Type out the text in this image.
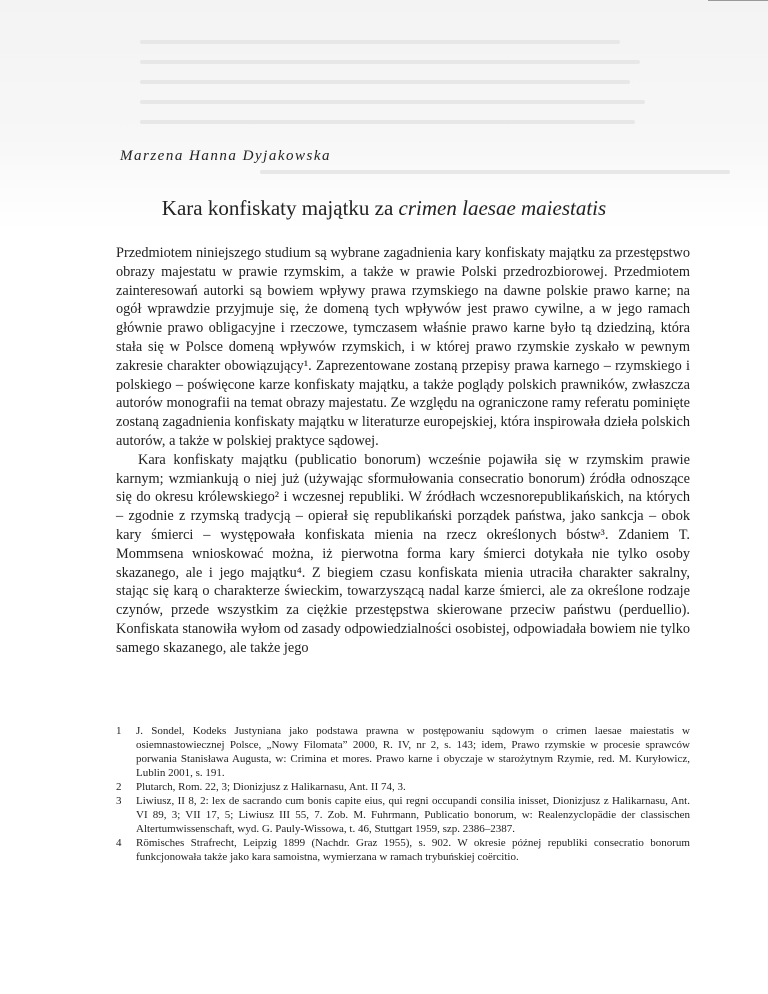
Marzena Hanna Dyjakowska
Kara konfiskaty majątku za crimen laesae maiestatis

Przedmiotem niniejszego studium są wybrane zagadnienia kary konfiskaty majątku za przestępstwo obrazy majestatu w prawie rzymskim, a także w prawie Polski przedrozbiorowej. Przedmiotem zainteresowań autorki są bowiem wpływy prawa rzymskiego na dawne polskie prawo karne; na ogół wprawdzie przyjmuje się, że domeną tych wpływów jest prawo cywilne, a w jego ramach głównie prawo obligacyjne i rzeczowe, tymczasem właśnie prawo karne było tą dziedziną, która stała się w Polsce domeną wpływów rzymskich, i w której prawo rzymskie zyskało w pewnym zakresie charakter obowiązujący¹. Zaprezentowane zostaną przepisy prawa karnego – rzymskiego i polskiego – poświęcone karze konfiskaty majątku, a także poglądy polskich prawników, zwłaszcza autorów monografii na temat obrazy majestatu. Ze względu na ograniczone ramy referatu pominięte zostaną zagadnienia konfiskaty majątku w literaturze europejskiej, która inspirowała dzieła polskich autorów, a także w polskiej praktyce sądowej.

Kara konfiskaty majątku (publicatio bonorum) wcześnie pojawiła się w rzymskim prawie karnym; wzmiankują o niej już (używając sformułowania consecratio bonorum) źródła odnoszące się do okresu królewskiego² i wczesnej republiki. W źródłach wczesnorepublikańskich, na których – zgodnie z rzymską tradycją – opierał się republikański porządek państwa, jako sankcja – obok kary śmierci – występowała konfiskata mienia na rzecz określonych bóstw³. Zdaniem T. Mommsena wnioskować można, iż pierwotna forma kary śmierci dotykała nie tylko osoby skazanego, ale i jego majątku⁴. Z biegiem czasu konfiskata mienia utraciła charakter sakralny, stając się karą o charakterze świeckim, towarzyszącą nadal karze śmierci, ale za określone rodzaje czynów, przede wszystkim za ciężkie przestępstwa skierowane przeciw państwu (perduellio). Konfiskata stanowiła wyłom od zasady odpowiedzialności osobistej, odpowiadała bowiem nie tylko samego skazanego, ale także jego

1	J. Sondel, Kodeks Justyniana jako podstawa prawna w postępowaniu sądowym o crimen laesae maiestatis w osiemnastowiecznej Polsce, „Nowy Filomata” 2000, R. IV, nr 2, s. 143; idem, Prawo rzymskie w procesie sprawców porwania Stanisława Augusta, w: Crimina et mores. Prawo karne i obyczaje w starożytnym Rzymie, red. M. Kuryłowicz, Lublin 2001, s. 191.
2	Plutarch, Rom. 22, 3; Dionizjusz z Halikarnasu, Ant. II 74, 3.
3	Liwiusz, II 8, 2: lex de sacrando cum bonis capite eius, qui regni occupandi consilia inisset, Dionizjusz z Halikarnasu, Ant. VI 89, 3; VII 17, 5; Liwiusz III 55, 7. Zob. M. Fuhrmann, Publicatio bonorum, w: Realenzyclopädie der classischen Altertumwissenschaft, wyd. G. Pauly-Wissowa, t. 46, Stuttgart 1959, szp. 2386–2387.
4	Römisches Strafrecht, Leipzig 1899 (Nachdr. Graz 1955), s. 902. W okresie późnej republiki consecratio bonorum funkcjonowała także jako kara samoistna, wymierzana w ramach trybuńskiej coërcitio.
